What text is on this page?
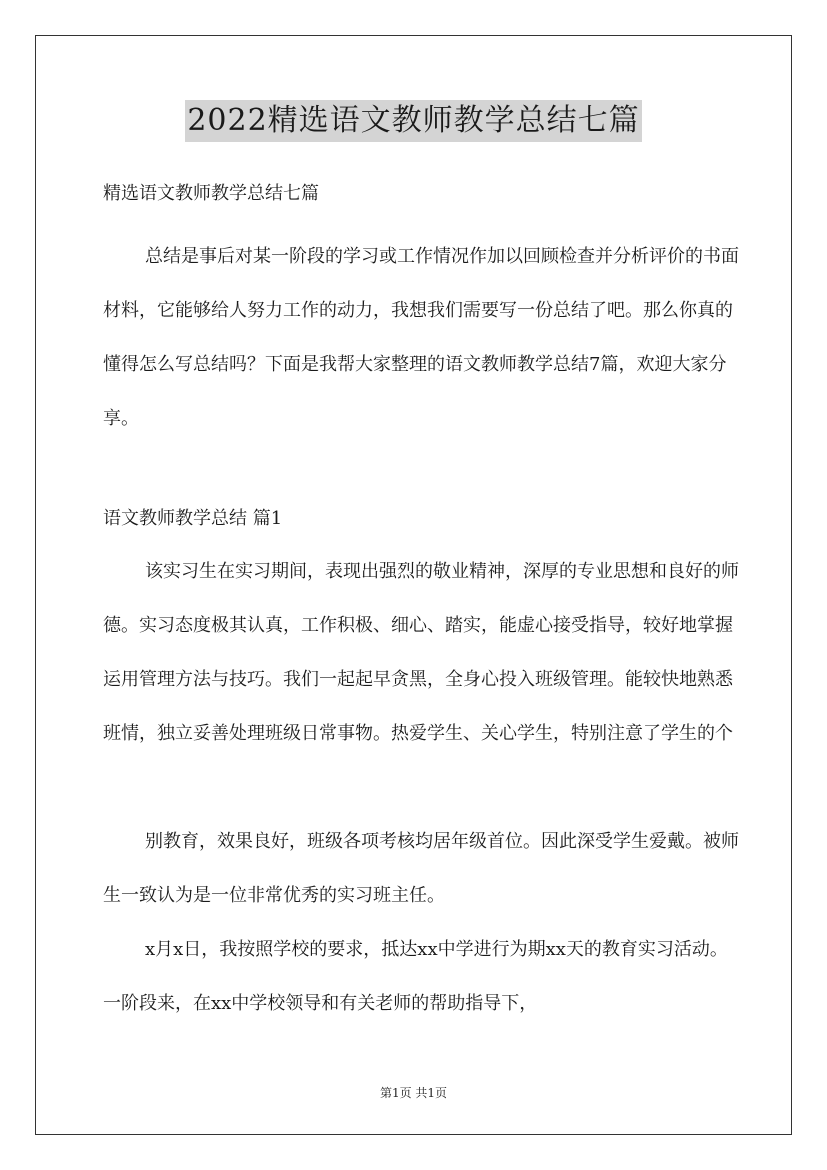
2022精选语文教师教学总结七篇

精选语文教师教学总结七篇

总结是事后对某一阶段的学习或工作情况作加以回顾检查并分析评价的书面材料，它能够给人努力工作的动力，我想我们需要写一份总结了吧。那么你真的懂得怎么写总结吗？下面是我帮大家整理的语文教师教学总结7篇，欢迎大家分享。

语文教师教学总结 篇1

该实习生在实习期间，表现出强烈的敬业精神，深厚的专业思想和良好的师德。实习态度极其认真，工作积极、细心、踏实，能虚心接受指导，较好地掌握运用管理方法与技巧。我们一起起早贪黑，全身心投入班级管理。能较快地熟悉班情，独立妥善处理班级日常事物。热爱学生、关心学生，特别注意了学生的个

别教育，效果良好，班级各项考核均居年级首位。因此深受学生爱戴。被师生一致认为是一位非常优秀的实习班主任。

x月x日，我按照学校的要求，抵达xx中学进行为期xx天的教育实习活动。一阶段来，在xx中学校领导和有关老师的帮助指导下，

第1页 共1页
